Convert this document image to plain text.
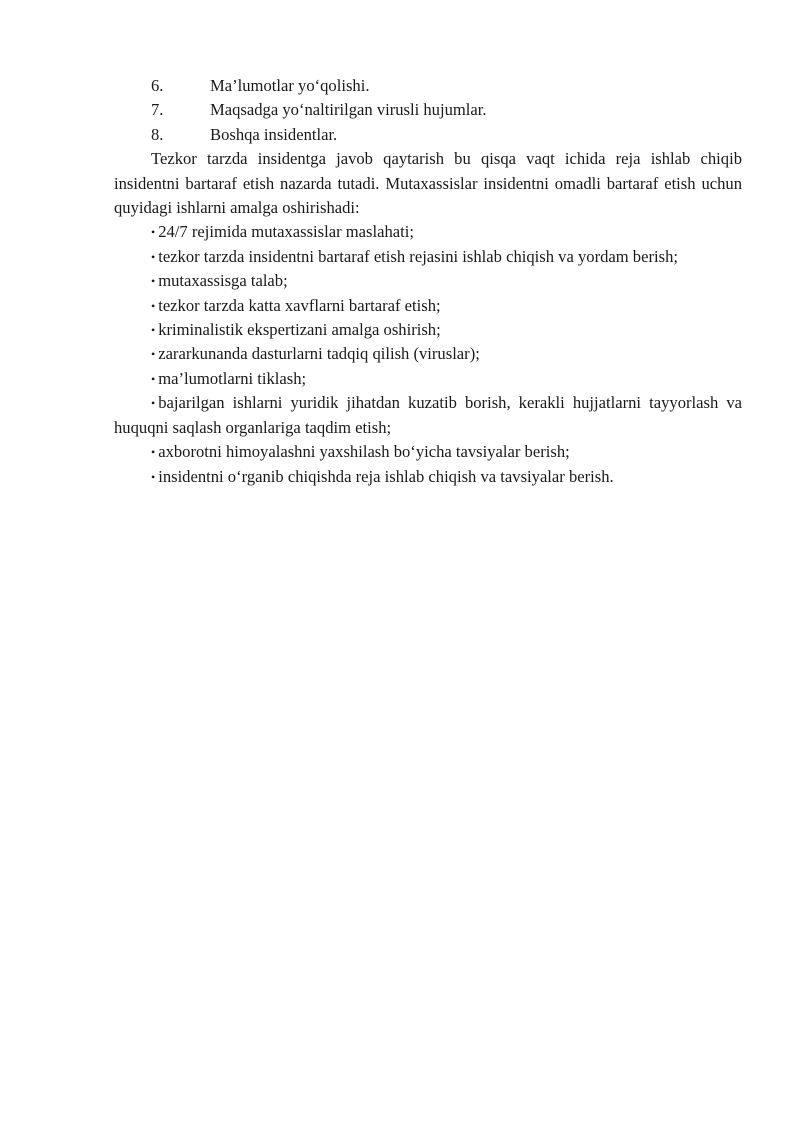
6.	Ma’lumotlar yo‘qolishi.
7.	Maqsadga yo‘naltirilgan virusli hujumlar.
8.	Boshqa insidentlar.

Tezkor tarzda insidentga javob qaytarish bu qisqa vaqt ichida reja ishlab chiqib insidentni bartaraf etish nazarda tutadi. Mutaxassislar insidentni omadli bartaraf etish uchun quyidagi ishlarni amalga oshirishadi:

• 24/7 rejimida mutaxassislar maslahati;

• tezkor tarzda insidentni bartaraf etish rejasini ishlab chiqish va yordam berish;

• mutaxassisga talab;

• tezkor tarzda katta xavflarni bartaraf etish;

• kriminalistik ekspertizani amalga oshirish;

• zararkunanda dasturlarni tadqiq qilish (viruslar);

• ma’lumotlarni tiklash;

• bajarilgan ishlarni yuridik jihatdan kuzatib borish, kerakli hujjatlarni tayyorlash va huquqni saqlash organlariga taqdim etish;

• axborotni himoyalashni yaxshilash bo‘yicha tavsiyalar berish;

• insidentni o‘rganib chiqishda reja ishlab chiqish va tavsiyalar berish.
